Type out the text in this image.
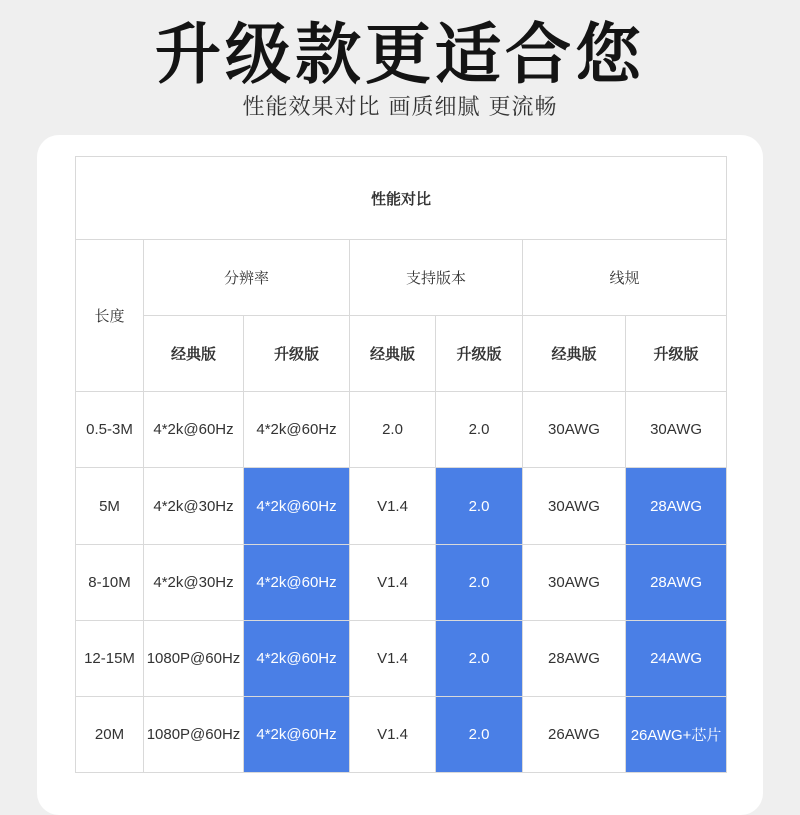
升级款更适合您
性能效果对比 画质细腻 更流畅
性能对比						
长度	分辨率		支持版本		线规	
	经典版	升级版	经典版	升级版	经典版	升级版
0.5-3M	4*2k@60Hz	4*2k@60Hz	2.0	2.0	30AWG	30AWG
5M	4*2k@30Hz	4*2k@60Hz	V1.4	2.0	30AWG	28AWG
8-10M	4*2k@30Hz	4*2k@60Hz	V1.4	2.0	30AWG	28AWG
12-15M	1080P@60Hz	4*2k@60Hz	V1.4	2.0	28AWG	24AWG
20M	1080P@60Hz	4*2k@60Hz	V1.4	2.0	26AWG	26AWG+芯片
